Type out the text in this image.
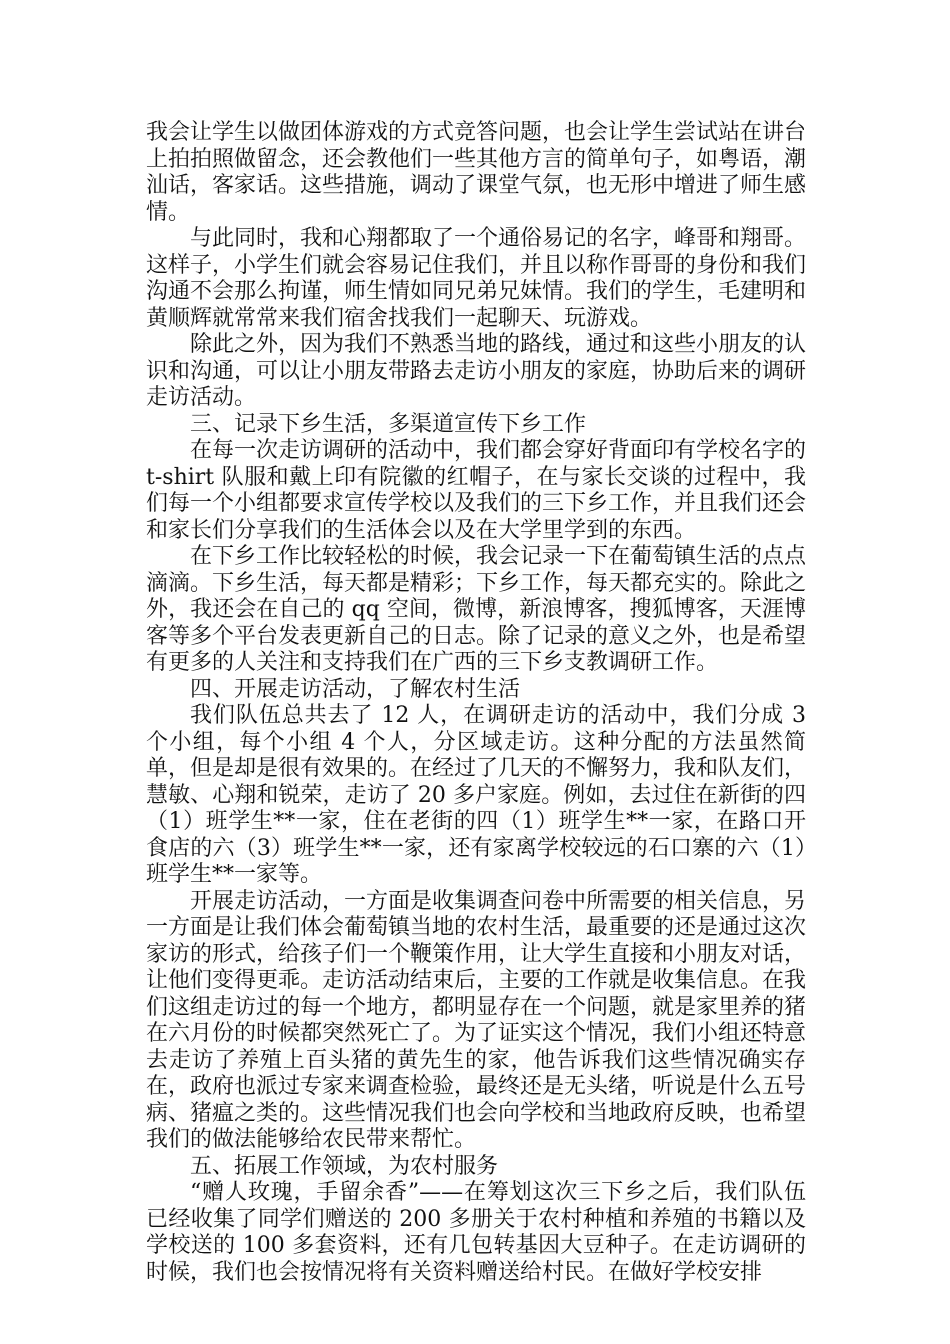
我会让学生以做团体游戏的方式竞答问题，也会让学生尝试站在讲台上拍拍照做留念，还会教他们一些其他方言的简单句子，如粤语，潮汕话，客家话。这些措施，调动了课堂气氛，也无形中增进了师生感情。

与此同时，我和心翔都取了一个通俗易记的名字，峰哥和翔哥。这样子，小学生们就会容易记住我们，并且以称作哥哥的身份和我们沟通不会那么拘谨，师生情如同兄弟兄妹情。我们的学生，毛建明和黄顺辉就常常来我们宿舍找我们一起聊天、玩游戏。

除此之外，因为我们不熟悉当地的路线，通过和这些小朋友的认识和沟通，可以让小朋友带路去走访小朋友的家庭，协助后来的调研走访活动。

三、记录下乡生活，多渠道宣传下乡工作

在每一次走访调研的活动中，我们都会穿好背面印有学校名字的 t-shirt 队服和戴上印有院徽的红帽子，在与家长交谈的过程中，我们每一个小组都要求宣传学校以及我们的三下乡工作，并且我们还会和家长们分享我们的生活体会以及在大学里学到的东西。

在下乡工作比较轻松的时候，我会记录一下在葡萄镇生活的点点滴滴。下乡生活，每天都是精彩；下乡工作，每天都充实的。除此之外，我还会在自己的 qq 空间，微博，新浪博客，搜狐博客，天涯博客等多个平台发表更新自己的日志。除了记录的意义之外，也是希望有更多的人关注和支持我们在广西的三下乡支教调研工作。

四、开展走访活动，了解农村生活

我们队伍总共去了 12 人，在调研走访的活动中，我们分成 3 个小组，每个小组 4 个人，分区域走访。这种分配的方法虽然简单，但是却是很有效果的。在经过了几天的不懈努力，我和队友们，慧敏、心翔和锐荣，走访了 20 多户家庭。例如，去过住在新街的四（1）班学生**一家，住在老街的四（1）班学生**一家，在路口开食店的六（3）班学生**一家，还有家离学校较远的石口寨的六（1）班学生**一家等。

开展走访活动，一方面是收集调查问卷中所需要的相关信息，另一方面是让我们体会葡萄镇当地的农村生活，最重要的还是通过这次家访的形式，给孩子们一个鞭策作用，让大学生直接和小朋友对话，让他们变得更乖。走访活动结束后，主要的工作就是收集信息。在我们这组走访过的每一个地方，都明显存在一个问题，就是家里养的猪在六月份的时候都突然死亡了。为了证实这个情况，我们小组还特意去走访了养殖上百头猪的黄先生的家，他告诉我们这些情况确实存在，政府也派过专家来调查检验，最终还是无头绪，听说是什么五号病、猪瘟之类的。这些情况我们也会向学校和当地政府反映，也希望我们的做法能够给农民带来帮忙。

五、拓展工作领域，为农村服务

“赠人玫瑰，手留余香”——在筹划这次三下乡之后，我们队伍已经收集了同学们赠送的 200 多册关于农村种植和养殖的书籍以及学校送的 100 多套资料，还有几包转基因大豆种子。在走访调研的时候，我们也会按情况将有关资料赠送给村民。在做好学校安排
